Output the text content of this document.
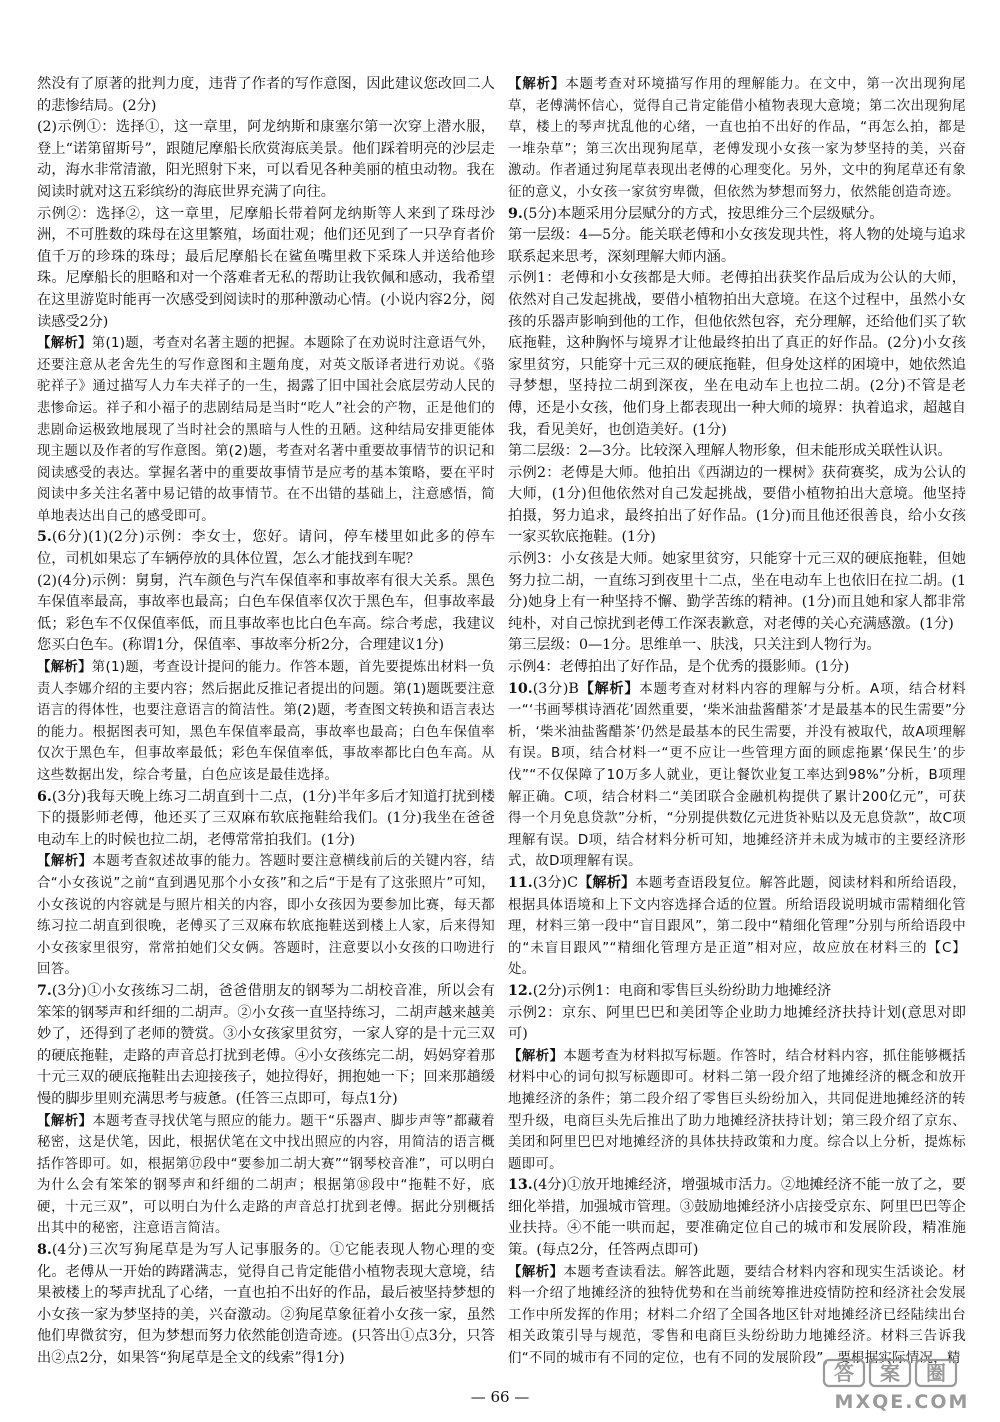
然没有了原著的批判力度，违背了作者的写作意图，因此建议您改回二人的悲惨结局。(2分)

(2)示例①：选择①，这一章里，阿龙纳斯和康塞尔第一次穿上潜水服，登上“诺第留斯号”，跟随尼摩船长欣赏海底美景。他们踩着明亮的沙层走动，海水非常清澈，阳光照射下来，可以看见各种美丽的植虫动物。我在阅读时就对这五彩缤纷的海底世界充满了向往。

示例②：选择②，这一章里，尼摩船长带着阿龙纳斯等人来到了珠母沙洲，不可胜数的珠母在这里繁殖，场面壮观；他们还见到了一只孕育者价值千万的珍珠的珠母；最后尼摩船长在鲨鱼嘴里救下采珠人并送给他珍珠。尼摩船长的胆略和对一个落难者无私的帮助让我钦佩和感动，我希望在这里游览时能再一次感受到阅读时的那种激动心情。(小说内容2分，阅读感受2分)

【解析】第(1)题，考查对名著主题的把握。本题除了在劝说时注意语气外，还要注意从老舍先生的写作意图和主题角度，对英文版译者进行劝说。《骆驼祥子》通过描写人力车夫祥子的一生，揭露了旧中国社会底层劳动人民的悲惨命运。祥子和小福子的悲剧结局是当时“吃人”社会的产物，正是他们的悲剧命运极致地展现了当时社会的黑暗与人性的丑陋。这种结局安排更能体现主题以及作者的写作意图。第(2)题，考查对名著中重要故事情节的识记和阅读感受的表达。掌握名著中的重要故事情节是应考的基本策略，要在平时阅读中多关注名著中易记错的故事情节。在不出错的基础上，注意感悟，简单地表达出自己的感受即可。

5.(6分)(1)(2分)示例：李女士，您好。请问，停车楼里如此多的停车位，司机如果忘了车辆停放的具体位置，怎么才能找到车呢？

(2)(4分)示例：舅舅，汽车颜色与汽车保值率和事故率有很大关系。黑色车保值率最高，事故率也最高；白色车保值率仅次于黑色车，但事故率最低；彩色车不仅保值率低，而且事故率也比白色车高。综合考虑，我建议您买白色车。(称谓1分，保值率、事故率分析2分，合理建议1分)

【解析】第(1)题，考查设计提问的能力。作答本题，首先要提炼出材料一负责人李娜介绍的主要内容；然后据此反推记者提出的问题。第(1)题既要注意语言的得体性，也要注意语言的简洁性。第(2)题，考查图文转换和语言表达的能力。根据图表可知，黑色车保值率最高，事故率也最高；白色车保值率仅次于黑色车，但事故率最低；彩色车保值率低，事故率都比白色车高。从这些数据出发，综合考量，白色应该是最佳选择。

6.(3分)我每天晚上练习二胡直到十二点，(1分)半年多后才知道打扰到楼下的摄影师老傅，他还买了三双麻布软底拖鞋给我们。(1分)我坐在爸爸电动车上的时候也拉二胡，老傅常常拍我们。(1分)

【解析】本题考查叙述故事的能力。答题时要注意横线前后的关键内容，结合“小女孩说”之前“直到遇见那个小女孩”和之后“于是有了这张照片”可知，小女孩说的内容就是与照片相关的内容，即小女孩因为要参加比赛，每天都练习拉二胡直到很晚，老傅买了三双麻布软底拖鞋送到楼上人家，后来得知小女孩家里很穷，常常拍她们父女俩。答题时，注意要以小女孩的口吻进行回答。

7.(3分)①小女孩练习二胡，爸爸借朋友的钢琴为二胡校音准，所以会有笨笨的钢琴声和纤细的二胡声。②小女孩一直坚持练习，二胡声越来越美妙了，还得到了老师的赞赏。③小女孩家里贫穷，一家人穿的是十元三双的硬底拖鞋，走路的声音总打扰到老傅。④小女孩练完二胡，妈妈穿着那十元三双的硬底拖鞋出去迎接孩子，她拉得好，拥抱她一下；回来那趟缓慢的脚步里则充满思考与疲惫。(任答三点即可，每点1分)

【解析】本题考查寻找伏笔与照应的能力。题干“乐器声、脚步声等”都藏着秘密，这是伏笔，因此，根据伏笔在文中找出照应的内容，用简洁的语言概括作答即可。如，根据第⑰段中“要参加二胡大赛”“钢琴校音准”，可以明白为什么会有笨笨的钢琴声和纤细的二胡声；根据第⑱段中“拖鞋不好，底硬，十元三双”，可以明白为什么走路的声音总打扰到老傅。据此分别概括出其中的秘密，注意语言简洁。

8.(4分)三次写狗尾草是为写人记事服务的。①它能表现人物心理的变化。老傅从一开始的踌躇满志，觉得自己肯定能借小植物表现大意境，结果被楼上的琴声扰乱了心绪，一直也拍不出好的作品，最后被坚持梦想的小女孩一家为梦坚持的美，兴奋激动。②狗尾草象征着小女孩一家，虽然他们卑微贫穷，但为梦想而努力依然能创造奇迹。(只答出①点3分，只答出②点2分，如果答“狗尾草是全文的线索”得1分)

【解析】本题考查对环境描写作用的理解能力。在文中，第一次出现狗尾草，老傅满怀信心，觉得自己肯定能借小植物表现大意境；第二次出现狗尾草，楼上的琴声扰乱他的心绪，一直也拍不出好的作品，“再怎么拍，都是一堆杂草”；第三次出现狗尾草，老傅发现小女孩一家为梦坚持的美，兴奋激动。作者通过狗尾草表现出老傅的心理变化。另外，文中的狗尾草还有象征的意义，小女孩一家贫穷卑微，但依然为梦想而努力，依然能创造奇迹。

9.(5分)本题采用分层赋分的方式，按思维分三个层级赋分。

第一层级：4—5分。能关联老傅和小女孩发现共性，将人物的处境与追求联系起来思考，深刻理解大师内涵。

示例1：老傅和小女孩都是大师。老傅拍出获奖作品后成为公认的大师，依然对自己发起挑战，要借小植物拍出大意境。在这个过程中，虽然小女孩的乐器声影响到他的工作，但他依然包容，充分理解，还给他们买了软底拖鞋，这种胸怀与境界才让他最终拍出了真正的好作品。(2分)小女孩家里贫穷，只能穿十元三双的硬底拖鞋，但身处这样的困境中，她依然追寻梦想，坚持拉二胡到深夜，坐在电动车上也拉二胡。(2分)不管是老傅，还是小女孩，他们身上都表现出一种大师的境界：执着追求，超越自我，看见美好，也创造美好。(1分)

第二层级：2—3分。比较深入理解人物形象，但未能形成关联性认识。

示例2：老傅是大师。他拍出《西湖边的一棵树》获荷赛奖，成为公认的大师，(1分)但他依然对自己发起挑战，要借小植物拍出大意境。他坚持拍摄，努力追求，最终拍出了好作品。(1分)而且他还很善良，给小女孩一家买软底拖鞋。(1分)

示例3：小女孩是大师。她家里贫穷，只能穿十元三双的硬底拖鞋，但她努力拉二胡，一直练习到夜里十二点，坐在电动车上也依旧在拉二胡。(1分)她身上有一种坚持不懈、勤学苦练的精神。(1分)而且她和家人都非常纯朴，对自己惊扰到老傅工作深表歉意，对老傅的关心充满感激。(1分)

第三层级：0—1分。思维单一、肤浅，只关注到人物行为。

示例4：老傅拍出了好作品，是个优秀的摄影师。(1分)

10.(3分)B【解析】本题考查对材料内容的理解与分析。A项，结合材料一“‘书画琴棋诗酒花’固然重要，‘柴米油盐酱醋茶’才是最基本的民生需要”分析，‘柴米油盐酱醋茶’仍然是最基本的民生需要，并没有被取代，故A项理解有误。B项，结合材料一“更不应让一些管理方面的顾虑拖累‘保民生’的步伐”“不仅保障了10万多人就业，更让餐饮业复工率达到98%”分析，B项理解正确。C项，结合材料二“美团联合金融机构提供了累计200亿元”，可获得一个月免息贷款”分析，“分别提供数亿元进货补贴以及无息贷款”，故C项理解有误。D项，结合材料分析可知，地摊经济并未成为城市的主要经济形式，故D项理解有误。

11.(3分)C【解析】本题考查语段复位。解答此题，阅读材料和所给语段，根据具体语境和上下文内容选择合适的位置。所给语段说明城市需精细化管理，材料三第一段中“盲目跟风”，第二段中“精细化管理”分别与所给语段中的“未盲目跟风”“精细化管理方是正道”相对应，故应放在材料三的【C】处。

12.(2分)示例1：电商和零售巨头纷纷助力地摊经济

示例2：京东、阿里巴巴和美团等企业助力地摊经济扶持计划(意思对即可)

【解析】本题考查为材料拟写标题。作答时，结合材料内容，抓住能够概括材料中心的词句拟写标题即可。材料二第一段介绍了地摊经济的概念和放开地摊经济的条件；第二段介绍了零售巨头纷纷加入，共同促进地摊经济的转型升级，电商巨头先后推出了助力地摊经济扶持计划；第三段介绍了京东、美团和阿里巴巴对地摊经济的具体扶持政策和力度。综合以上分析，提炼标题即可。

13.(4分)①放开地摊经济，增强城市活力。②地摊经济不能一放了之，要细化举措，加强城市管理。③鼓励地摊经济小店接受京东、阿里巴巴等企业扶持。④不能一哄而起，要准确定位自己的城市和发展阶段，精准施策。(每点2分，任答两点即可)

【解析】本题考查读看法。解答此题，要结合材料内容和现实生活谈论。材料一介绍了地摊经济的独特优势和在当前统筹推进疫情防控和经济社会发展工作中所发挥的作用；材料二介绍了全国各地区针对地摊经济已经陆续出台相关政策引导与规范，零售和电商巨头纷纷助力地摊经济。材料三告诉我们“不同的城市有不同的定位，也有不同的发展阶段”，要根据实际情况，精

— 66 —
答 案 圈
MXQE.COM
